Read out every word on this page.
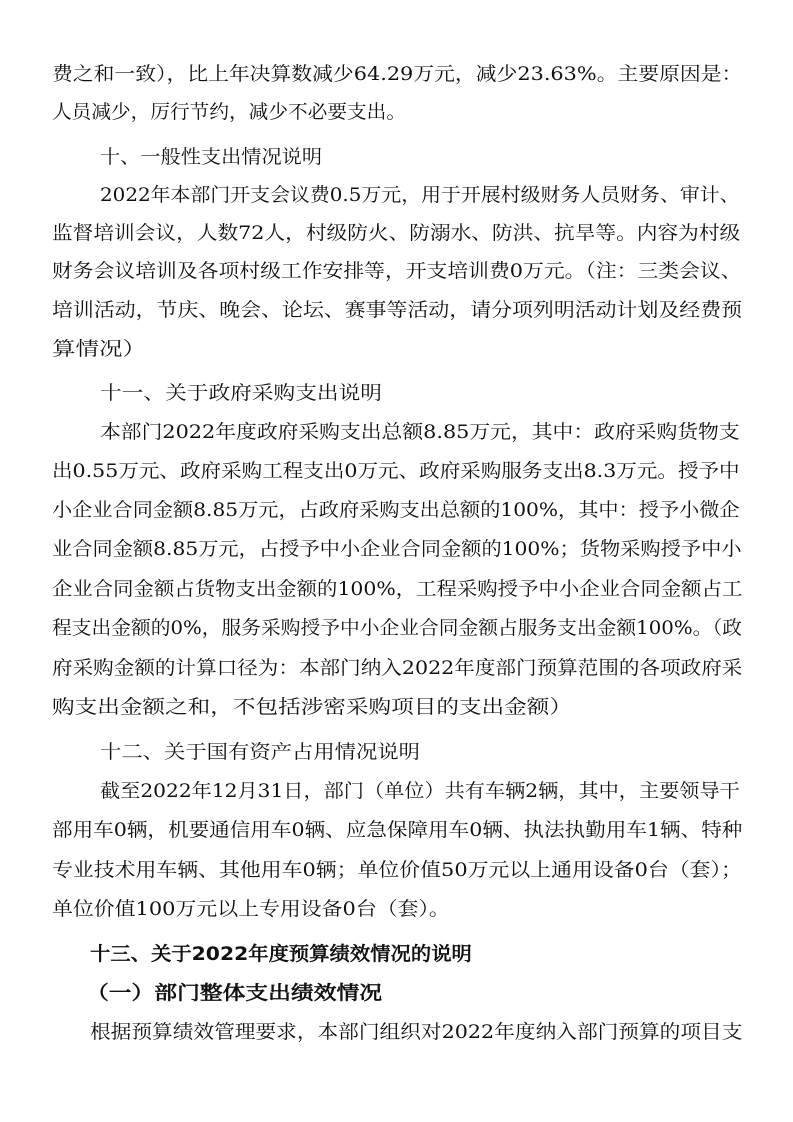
费之和一致），比上年决算数减少64.29万元，减少23.63%。主要原因是：
人员减少，厉行节约，减少不必要支出。
十、一般性支出情况说明
2022年本部门开支会议费0.5万元，用于开展村级财务人员财务、审计、
监督培训会议，人数72人，村级防火、防溺水、防洪、抗旱等。内容为村级
财务会议培训及各项村级工作安排等，开支培训费0万元。（注：三类会议、
培训活动，节庆、晚会、论坛、赛事等活动，请分项列明活动计划及经费预
算情况）
十一、关于政府采购支出说明
本部门2022年度政府采购支出总额8.85万元，其中：政府采购货物支
出0.55万元、政府采购工程支出0万元、政府采购服务支出8.3万元。授予中
小企业合同金额8.85万元，占政府采购支出总额的100%，其中：授予小微企
业合同金额8.85万元，占授予中小企业合同金额的100%；货物采购授予中小
企业合同金额占货物支出金额的100%，工程采购授予中小企业合同金额占工
程支出金额的0%，服务采购授予中小企业合同金额占服务支出金额100%。（政
府采购金额的计算口径为：本部门纳入2022年度部门预算范围的各项政府采
购支出金额之和，不包括涉密采购项目的支出金额）
十二、关于国有资产占用情况说明
截至2022年12月31日，部门（单位）共有车辆2辆，其中，主要领导干
部用车0辆，机要通信用车0辆、应急保障用车0辆、执法执勤用车1辆、特种
专业技术用车辆、其他用车0辆；单位价值50万元以上通用设备0台（套）；
单位价值100万元以上专用设备0台（套）。
十三、关于2022年度预算绩效情况的说明
（一）部门整体支出绩效情况
根据预算绩效管理要求，本部门组织对2022年度纳入部门预算的项目支
